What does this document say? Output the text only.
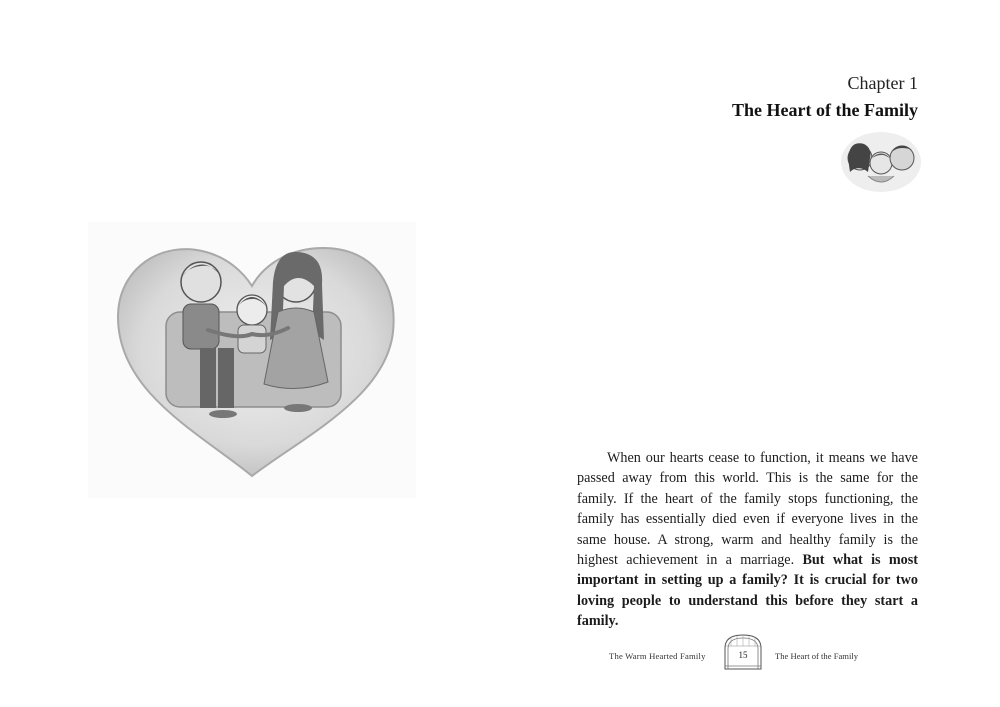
Chapter 1
The Heart of the Family

When our hearts cease to function, it means we have passed away from this world. This is the same for the family. If the heart of the family stops functioning, the family has essentially died even if everyone lives in the same house. A strong, warm and healthy family is the highest achievement in a marriage. But what is most important in setting up a family? It is crucial for two loving people to understand this before they start a family.

The Warm Hearted Family	15	The Heart of the Family
